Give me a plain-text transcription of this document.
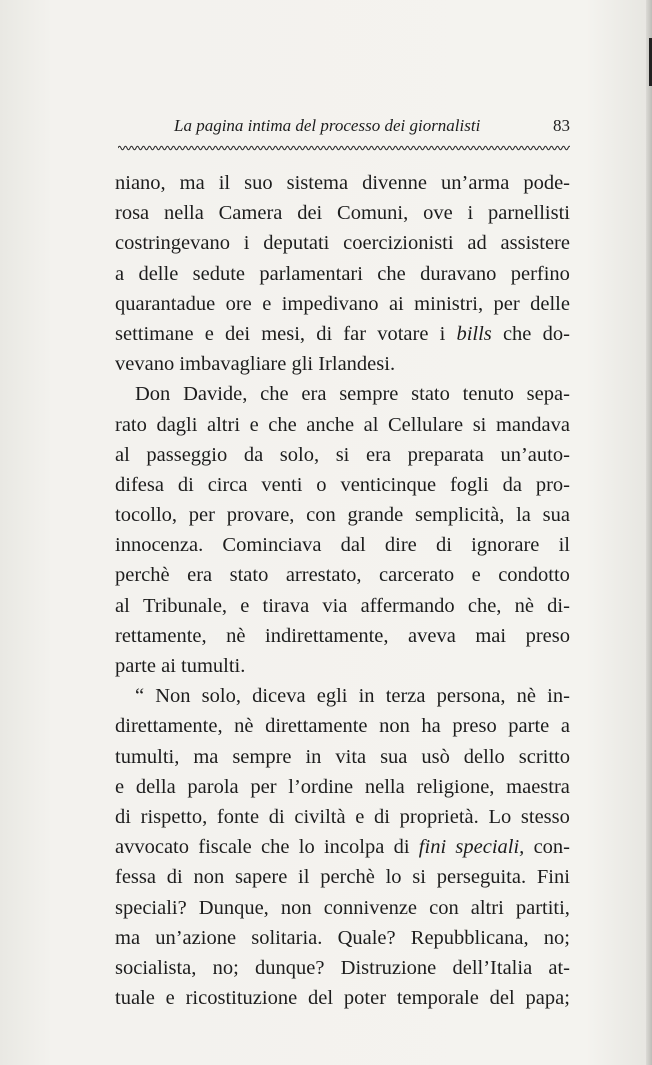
La pagina intima del processo dei giornalisti	83
niano, ma il suo sistema divenne un’arma pode-
rosa nella Camera dei Comuni, ove i parnellisti
costringevano i deputati coercizionisti ad assistere
a delle sedute parlamentari che duravano perfino
quarantadue ore e impedivano ai ministri, per delle
settimane e dei mesi, di far votare i bills che do-
vevano imbavagliare gli Irlandesi.
Don Davide, che era sempre stato tenuto sepa-
rato dagli altri e che anche al Cellulare si mandava
al passeggio da solo, si era preparata un’auto-
difesa di circa venti o venticinque fogli da pro-
tocollo, per provare, con grande semplicità, la sua
innocenza. Cominciava dal dire di ignorare il
perchè era stato arrestato, carcerato e condotto
al Tribunale, e tirava via affermando che, nè di-
rettamente, nè indirettamente, aveva mai preso
parte ai tumulti.
“ Non solo, diceva egli in terza persona, nè in-
direttamente, nè direttamente non ha preso parte a
tumulti, ma sempre in vita sua usò dello scritto
e della parola per l’ordine nella religione, maestra
di rispetto, fonte di civiltà e di proprietà. Lo stesso
avvocato fiscale che lo incolpa di fini speciali, con-
fessa di non sapere il perchè lo si perseguita. Fini
speciali? Dunque, non connivenze con altri partiti,
ma un’azione solitaria. Quale? Repubblicana, no;
socialista, no; dunque? Distruzione dell’Italia at-
tuale e ricostituzione del poter temporale del papa;
